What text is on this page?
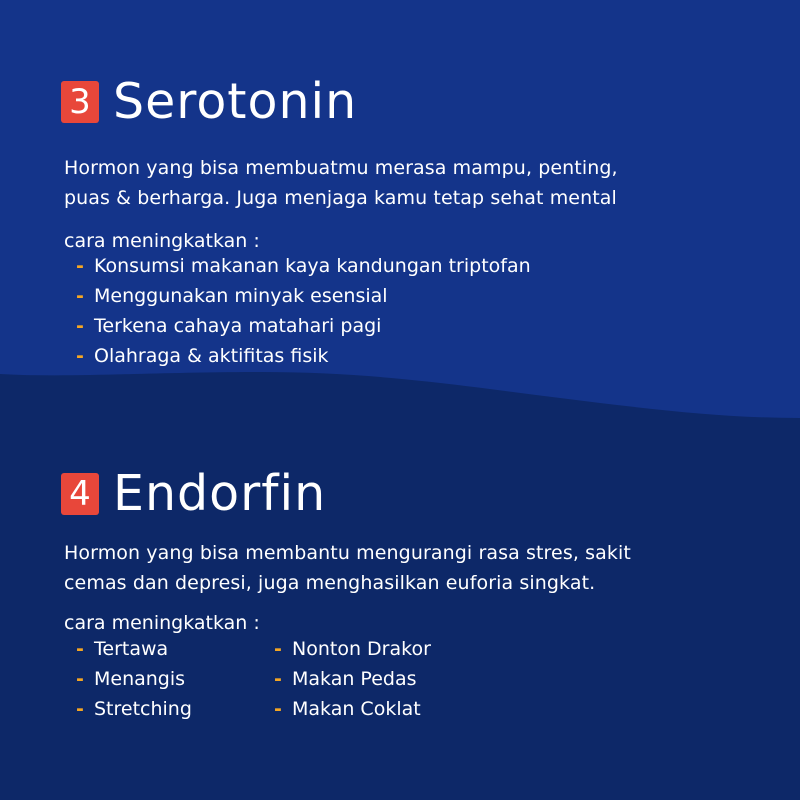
3 Serotonin
Hormon yang bisa membuatmu merasa mampu, penting,
puas & berharga. Juga menjaga kamu tetap sehat mental
cara meningkatkan :
- Konsumsi makanan kaya kandungan triptofan
- Menggunakan minyak esensial
- Terkena cahaya matahari pagi
- Olahraga & aktifitas fisik
4 Endorfin
Hormon yang bisa membantu mengurangi rasa stres, sakit
cemas dan depresi, juga menghasilkan euforia singkat.
cara meningkatkan :
- Tertawa
- Menangis
- Stretching
- Nonton Drakor
- Makan Pedas
- Makan Coklat
